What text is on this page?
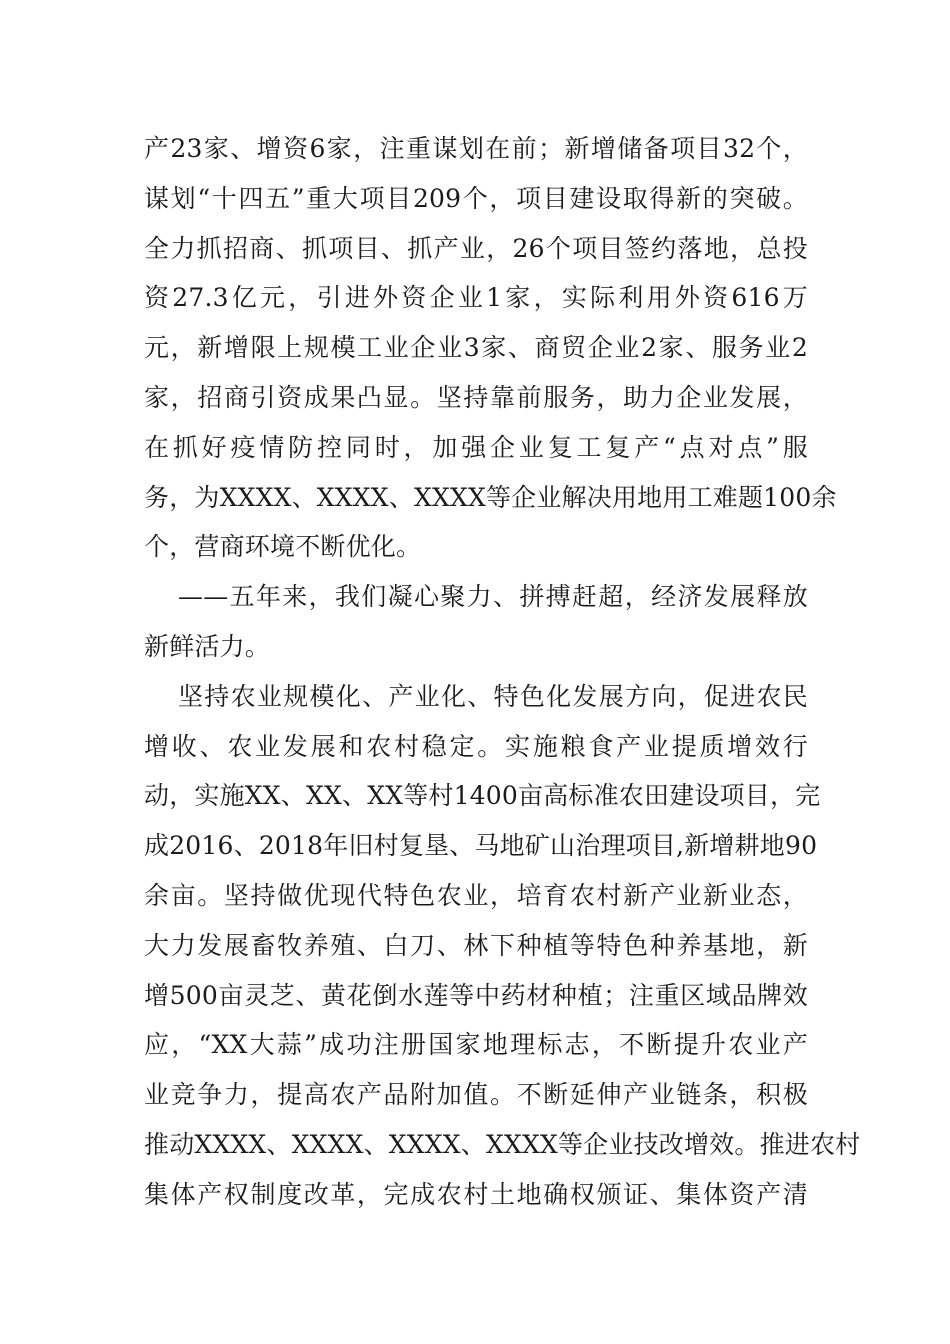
产23家、增资6家，注重谋划在前；新增储备项目32个，
谋划“十四五”重大项目209个，项目建设取得新的突破。
全力抓招商、抓项目、抓产业，26个项目签约落地，总投
资27.3亿元，引进外资企业1家，实际利用外资616万
元，新增限上规模工业企业3家、商贸企业2家、服务业2
家，招商引资成果凸显。坚持靠前服务，助力企业发展，
在抓好疫情防控同时，加强企业复工复产“点对点”服
务，为XXXX、XXXX、XXXX等企业解决用地用工难题100余
个，营商环境不断优化。
——五年来，我们凝心聚力、拼搏赶超，经济发展释放
新鲜活力。
坚持农业规模化、产业化、特色化发展方向，促进农民
增收、农业发展和农村稳定。实施粮食产业提质增效行
动，实施XX、XX、XX等村1400亩高标准农田建设项目，完
成2016、2018年旧村复垦、马地矿山治理项目,新增耕地90
余亩。坚持做优现代特色农业，培育农村新产业新业态，
大力发展畜牧养殖、白刀、林下种植等特色种养基地，新
增500亩灵芝、黄花倒水莲等中药材种植；注重区域品牌效
应，“XX大蒜”成功注册国家地理标志，不断提升农业产
业竞争力，提高农产品附加值。不断延伸产业链条，积极
推动XXXX、XXXX、XXXX、XXXX等企业技改增效。推进农村
集体产权制度改革，完成农村土地确权颁证、集体资产清
